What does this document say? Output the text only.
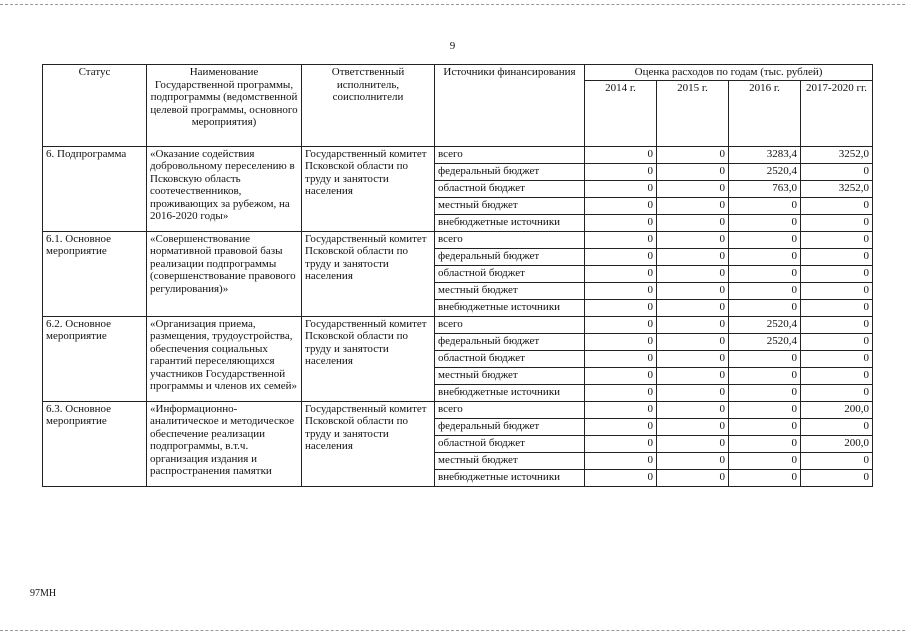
9
Статус	Наименование Государственной программы, подпрограммы (ведомственной целевой программы, основного мероприятия)	Ответственный исполнитель, соисполнители	Источники финансирования	Оценка расходов по годам (тыс. рублей)			
				2014 г.	2015 г.	2016 г.	2017-2020 гг.
6. Подпрограмма	«Оказание содействия добровольному переселению в Псковскую область соотечественников, проживающих за рубежом, на 2016-2020 годы»	Государственный комитет Псковской области по труду и занятости населения	всего	0	0	3283,4	3252,0
			федеральный бюджет	0	0	2520,4	0
			областной бюджет	0	0	763,0	3252,0
			местный бюджет	0	0	0	0
			внебюджетные источники	0	0	0	0
6.1. Основное мероприятие	«Совершенствование нормативной правовой базы реализации подпрограммы (совершенствование правового регулирования)»	Государственный комитет Псковской области по труду и занятости населения	всего	0	0	0	0
			федеральный бюджет	0	0	0	0
			областной бюджет	0	0	0	0
			местный бюджет	0	0	0	0
			внебюджетные источники	0	0	0	0
6.2. Основное мероприятие	«Организация приема, размещения, трудоустройства, обеспечения социальных гарантий переселяющихся участников Государственной программы и членов их семей»	Государственный комитет Псковской области по труду и занятости населения	всего	0	0	2520,4	0
			федеральный бюджет	0	0	2520,4	0
			областной бюджет	0	0	0	0
			местный бюджет	0	0	0	0
			внебюджетные источники	0	0	0	0
6.3. Основное мероприятие	«Информационно-аналитическое и методическое обеспечение реализации подпрограммы, в.т.ч. организация издания и распространения памятки	Государственный комитет Псковской области по труду и занятости населения	всего	0	0	0	200,0
			федеральный бюджет	0	0	0	0
			областной бюджет	0	0	0	200,0
			местный бюджет	0	0	0	0
			внебюджетные источники	0	0	0	0
97МН
